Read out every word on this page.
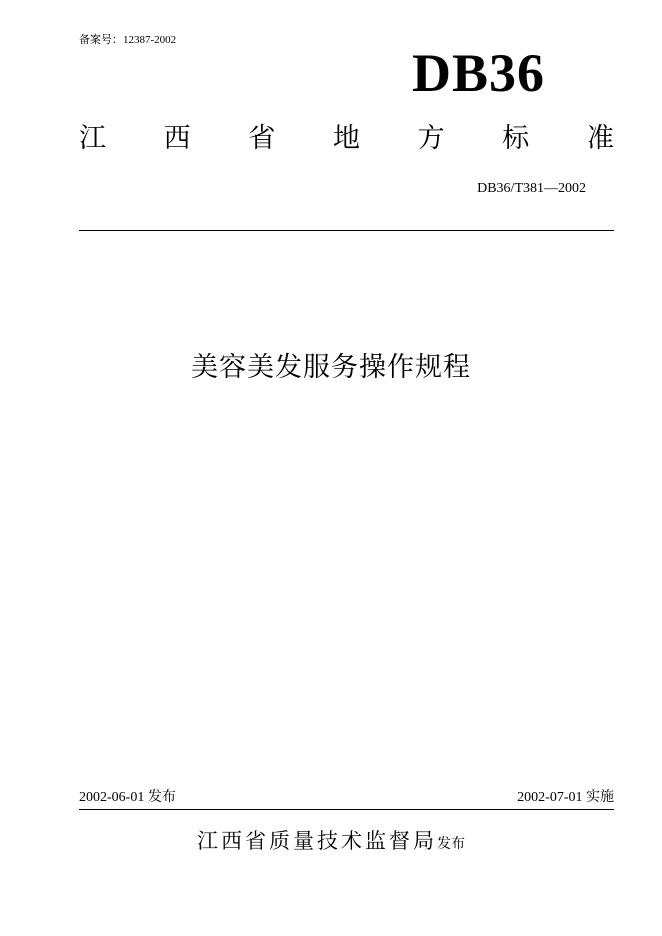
备案号：12387-2002
DB36
江 西 省 地 方 标 准
DB36/T381—2002
美容美发服务操作规程
2002-06-01 发布	2002-07-01 实施
江西省质量技术监督局发布
